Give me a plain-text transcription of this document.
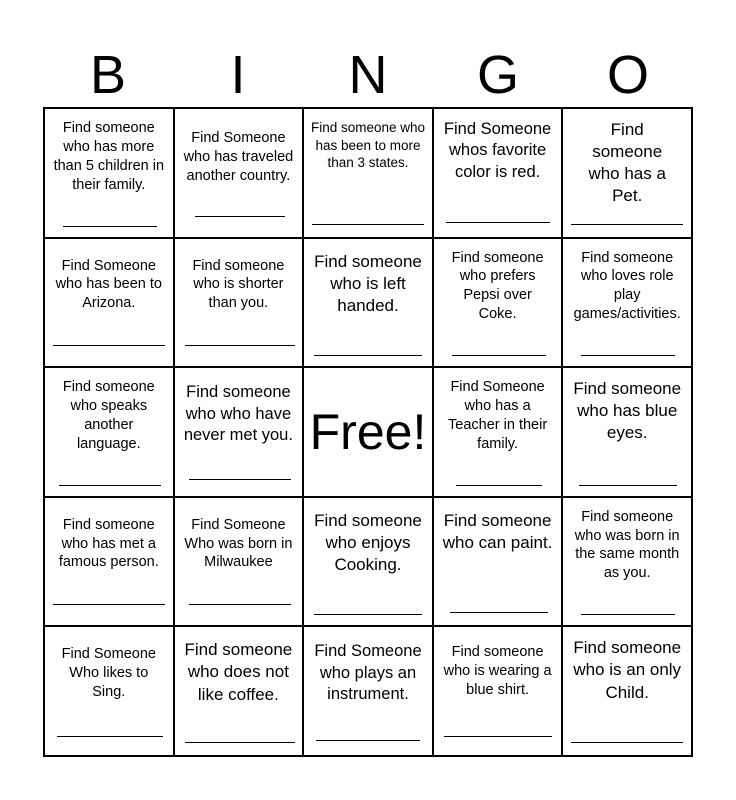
B	I	N	G	O
Find someone who has more than 5 children in their family.
Find Someone who has traveled another country.
Find someone who has been to more than 3 states.
Find Someone whos favorite color is red.
Find someone who has a Pet.
Find Someone who has been to Arizona.
Find someone who is shorter than you.
Find someone who is left handed.
Find someone who prefers Pepsi over Coke.
Find someone who loves role play games/activities.
Find someone who speaks another language.
Find someone who who have never met you. Free!
Find Someone who has a Teacher in their family.
Find someone who has blue eyes.
Find someone who has met a famous person.
Find Someone Who was born in Milwaukee
Find someone who enjoys Cooking.
Find someone who can paint.
Find someone who was born in the same month as you.
Find Someone Who likes to Sing.
Find someone who does not like coffee.
Find Someone who plays an instrument.
Find someone who is wearing a blue shirt.
Find someone who is an only Child.
